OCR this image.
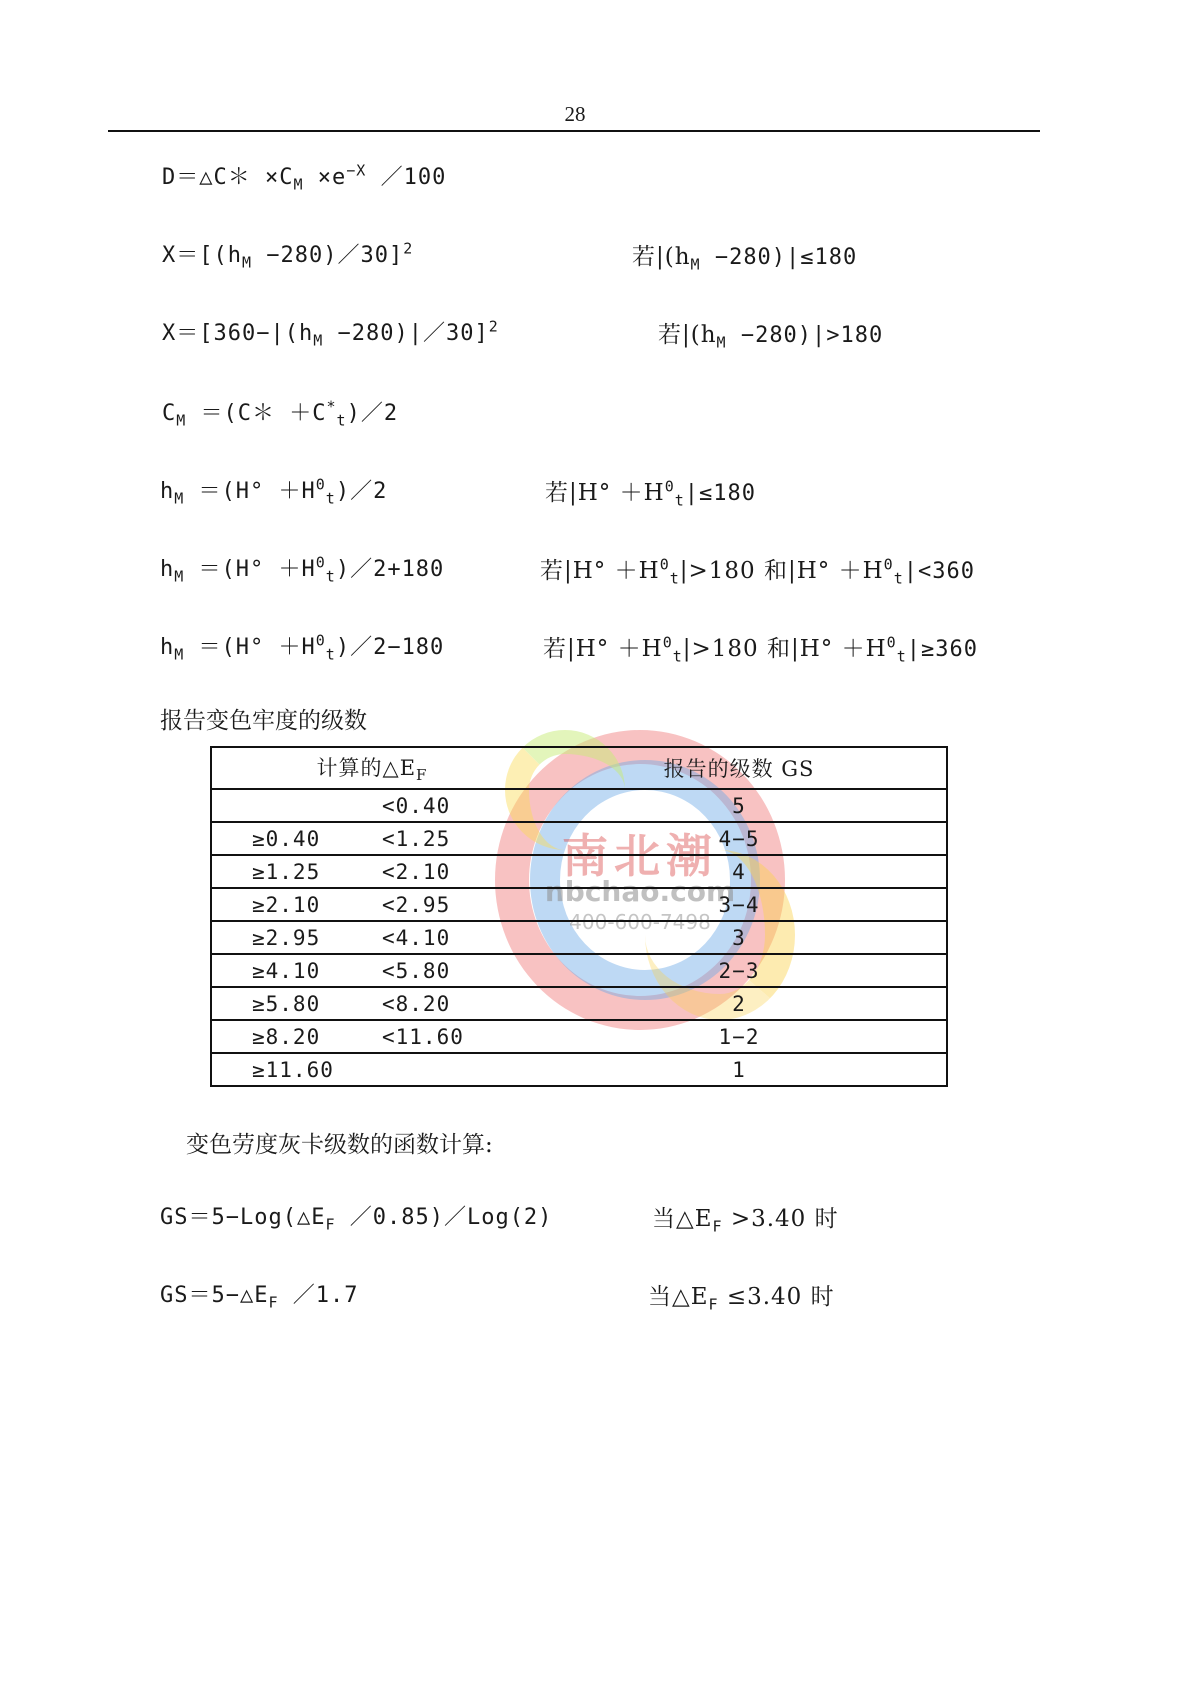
28
南北潮
nbchao.com
400-600-7498
D＝△C＊ $\times C_M \times e^{-X}$ ／100
$X=[(h_M$ −280)／30]$^2$	若$|(h_M -280)|\le 180$
$X=[360-|(h_M$ −280)|／30]$^2$	若$|(h_M -280)|>180$
$C_M$ ＝(C＊ $+C^*_t)/2$
$h_M =(H^\circ$ $+H^0_t)/2$	若$|H^\circ +H^0_t|\le 180$
$h_M =(H^\circ$ $+H^0_t)/2+180$	若$|H^\circ +H^0_t|>180$ 和$|H^\circ +H^0_t|<360$
$h_M =(H^\circ$ $+H^0_t)/2-180$	若$|H^\circ +H^0_t|>180$ 和$|H^\circ +H^0_t|\ge 360$
报告变色牢度的级数
计算的$\triangle E_F$		报告的级数 GS
	<0.40	5
≥0.40	<1.25	4−5
≥1.25	<2.10	4
≥2.10	<2.95	3−4
≥2.95	<4.10	3
≥4.10	<5.80	2−3
≥5.80	<8.20	2
≥8.20	<11.60	1−2
≥11.60		1
变色劳度灰卡级数的函数计算:
$GS=5-Log(\triangle E_F$ ／0.85)／Log(2)	当$\triangle E_F >3.40$ 时
$GS=5-\triangle E_F$ ／1.7	当$\triangle E_F \le 3.40$ 时
